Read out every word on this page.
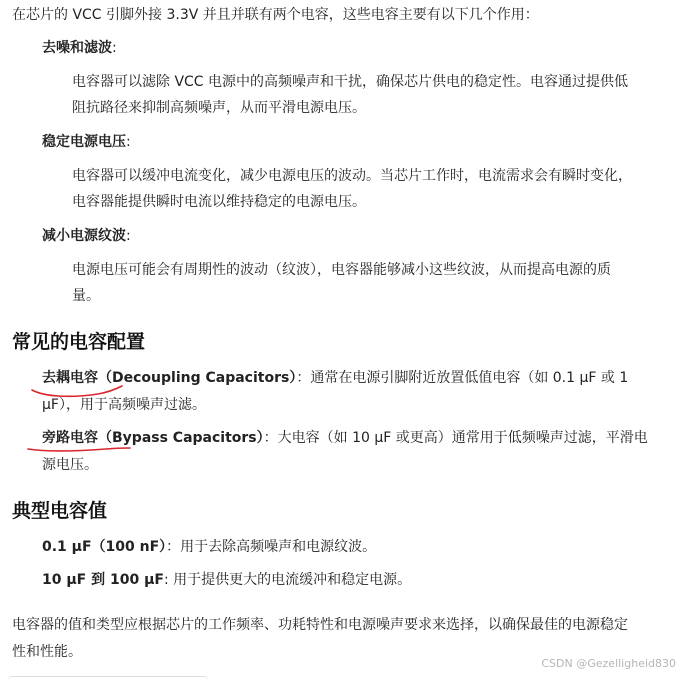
在芯片的 VCC 引脚外接 3.3V 并且并联有两个电容，这些电容主要有以下几个作用：
去噪和滤波:
电容器可以滤除 VCC 电源中的高频噪声和干扰，确保芯片供电的稳定性。电容通过提供低
阻抗路径来抑制高频噪声，从而平滑电源电压。
稳定电源电压:
电容器可以缓冲电流变化，减少电源电压的波动。当芯片工作时，电流需求会有瞬时变化，
电容器能提供瞬时电流以维持稳定的电源电压。
减小电源纹波:
电源电压可能会有周期性的波动（纹波），电容器能够减小这些纹波，从而提高电源的质
量。
常见的电容配置
去耦电容（Decoupling Capacitors）：通常在电源引脚附近放置低值电容（如 0.1 µF 或 1
µF），用于高频噪声过滤。
旁路电容（Bypass Capacitors）：大电容（如 10 µF 或更高）通常用于低频噪声过滤，平滑电
源电压。
典型电容值
0.1 µF（100 nF）：用于去除高频噪声和电源纹波。
10 µF 到 100 µF: 用于提供更大的电流缓冲和稳定电源。
电容器的值和类型应根据芯片的工作频率、功耗特性和电源噪声要求来选择，以确保最佳的电源稳定
性和性能。
CSDN @Gezelligheid830
